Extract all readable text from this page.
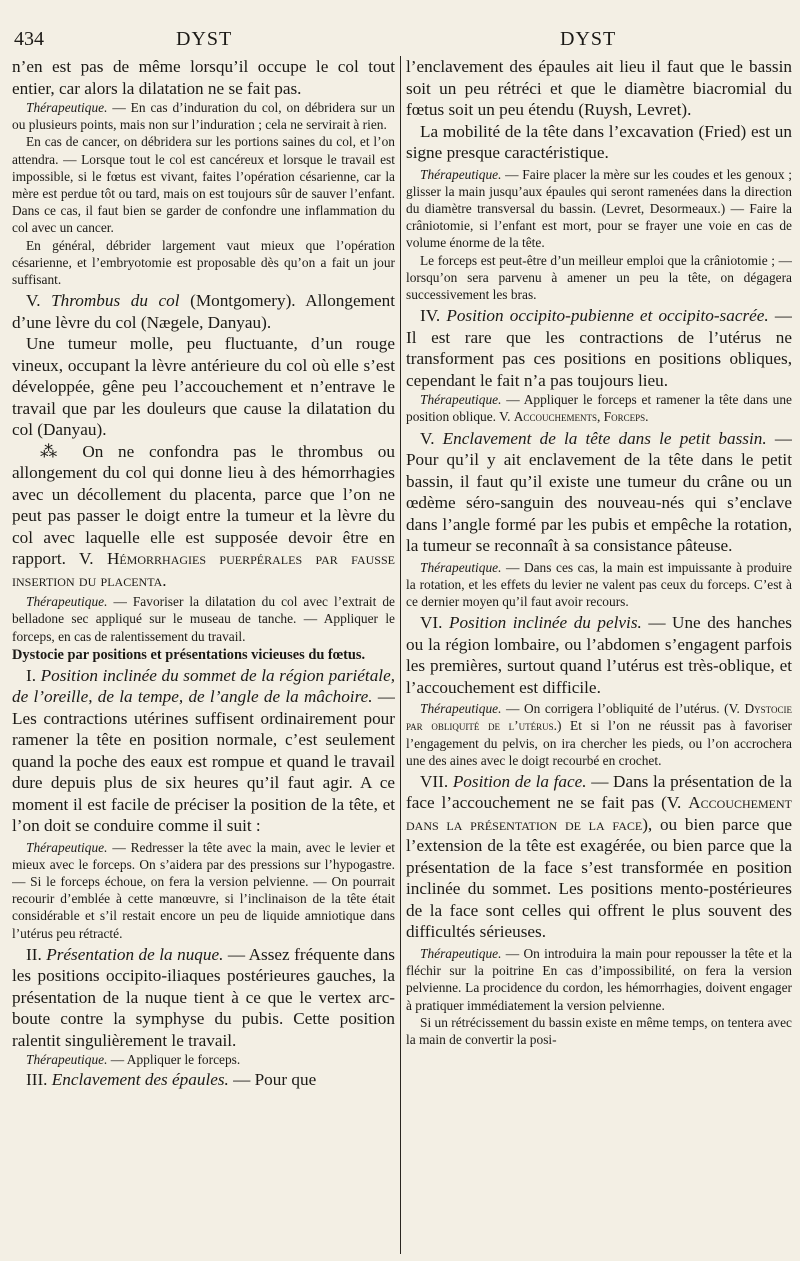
434	DYST	DYST

n’en est pas de même lorsqu’il occupe le col tout entier, car alors la dilatation ne se fait pas.

Thérapeutique. — En cas d’induration du col, on débridera sur un ou plusieurs points, mais non sur l’induration ; cela ne servirait à rien.

En cas de cancer, on débridera sur les portions saines du col, et l’on attendra. — Lorsque tout le col est cancéreux et lorsque le travail est impossible, si le fœtus est vivant, faites l’opération césarienne, car la mère est perdue tôt ou tard, mais on est toujours sûr de sauver l’enfant. Dans ce cas, il faut bien se garder de confondre une inflammation du col avec un cancer.

En général, débrider largement vaut mieux que l’opération césarienne, et l’embryotomie est proposable dès qu’on a fait un jour suffisant.

V. Thrombus du col (Montgomery). Allongement d’une lèvre du col (Nægele, Danyau).

Une tumeur molle, peu fluctuante, d’un rouge vineux, occupant la lèvre antérieure du col où elle s’est développée, gêne peu l’accouchement et n’entrave le travail que par les douleurs que cause la dilatation du col (Danyau).

⁂ On ne confondra pas le thrombus ou allongement du col qui donne lieu à des hémorrhagies avec un décollement du placenta, parce que l’on ne peut pas passer le doigt entre la tumeur et la lèvre du col avec laquelle elle est supposée devoir être en rapport. V. Hémorrhagies puerpérales par fausse insertion du placenta.

Thérapeutique. — Favoriser la dilatation du col avec l’extrait de belladone sec appliqué sur le museau de tanche. — Appliquer le forceps, en cas de ralentissement du travail.

Dystocie par positions et présentations vicieuses du fœtus.

I. Position inclinée du sommet de la région pariétale, de l’oreille, de la tempe, de l’angle de la mâchoire. — Les contractions utérines suffisent ordinairement pour ramener la tête en position normale, c’est seulement quand la poche des eaux est rompue et quand le travail dure depuis plus de six heures qu’il faut agir. A ce moment il est facile de préciser la position de la tête, et l’on doit se conduire comme il suit :

Thérapeutique. — Redresser la tête avec la main, avec le levier et mieux avec le forceps. On s’aidera par des pressions sur l’hypogastre. — Si le forceps échoue, on fera la version pelvienne. — On pourrait recourir d’emblée à cette manœuvre, si l’inclinaison de la tête était considérable et s’il restait encore un peu de liquide amniotique dans l’utérus peu rétracté.

II. Présentation de la nuque. — Assez fréquente dans les positions occipito-iliaques postérieures gauches, la présentation de la nuque tient à ce que le vertex arc-boute contre la symphyse du pubis. Cette position ralentit singulièrement le travail.

Thérapeutique. — Appliquer le forceps.

III. Enclavement des épaules. — Pour que

l’enclavement des épaules ait lieu il faut que le bassin soit un peu rétréci et que le diamètre biacromial du fœtus soit un peu étendu (Ruysh, Levret).

La mobilité de la tête dans l’excavation (Fried) est un signe presque caractéristique.

Thérapeutique. — Faire placer la mère sur les coudes et les genoux ; glisser la main jusqu’aux épaules qui seront ramenées dans la direction du diamètre transversal du bassin. (Levret, Desormeaux.) — Faire la crâniotomie, si l’enfant est mort, pour se frayer une voie en cas de volume énorme de la tête.

Le forceps est peut-être d’un meilleur emploi que la crâniotomie ; — lorsqu’on sera parvenu à amener un peu la tête, on dégagera successivement les bras.

IV. Position occipito-pubienne et occipito-sacrée. — Il est rare que les contractions de l’utérus ne transforment pas ces positions en positions obliques, cependant le fait n’a pas toujours lieu.

Thérapeutique. — Appliquer le forceps et ramener la tête dans une position oblique. V. Accouchements, Forceps.

V. Enclavement de la tête dans le petit bassin. — Pour qu’il y ait enclavement de la tête dans le petit bassin, il faut qu’il existe une tumeur du crâne ou un œdème séro-sanguin des nouveau-nés qui s’enclave dans l’angle formé par les pubis et empêche la rotation, la tumeur se reconnaît à sa consistance pâteuse.

Thérapeutique. — Dans ces cas, la main est impuissante à produire la rotation, et les effets du levier ne valent pas ceux du forceps. C’est à ce dernier moyen qu’il faut avoir recours.

VI. Position inclinée du pelvis. — Une des hanches ou la région lombaire, ou l’abdomen s’engagent parfois les premières, surtout quand l’utérus est très-oblique, et l’accouchement est difficile.

Thérapeutique. — On corrigera l’obliquité de l’utérus. (V. Dystocie par obliquité de l’utérus.) Et si l’on ne réussit pas à favoriser l’engagement du pelvis, on ira chercher les pieds, ou l’on accrochera une des aines avec le doigt recourbé en crochet.

VII. Position de la face. — Dans la présentation de la face l’accouchement ne se fait pas (V. Accouchement dans la présentation de la face), ou bien parce que l’extension de la tête est exagérée, ou bien parce que la présentation de la face s’est transformée en position inclinée du sommet. Les positions mento-postérieures de la face sont celles qui offrent le plus souvent des difficultés sérieuses.

Thérapeutique. — On introduira la main pour repousser la tête et la fléchir sur la poitrine En cas d’impossibilité, on fera la version pelvienne. La procidence du cordon, les hémorrhagies, doivent engager à pratiquer immédiatement la version pelvienne.

Si un rétrécissement du bassin existe en même temps, on tentera avec la main de convertir la posi-
